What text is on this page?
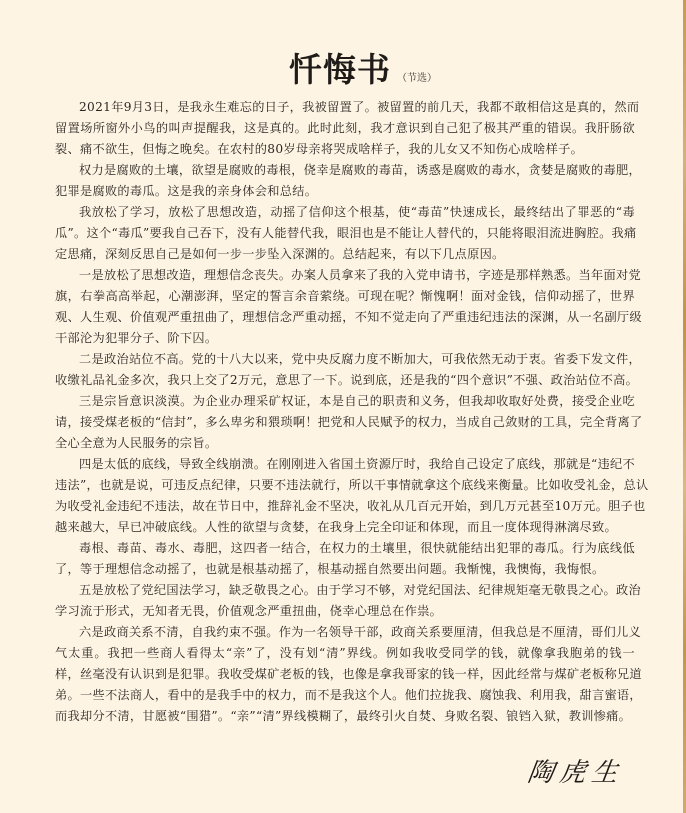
忏悔书 （节选）
2021年9月3日，是我永生难忘的日子，我被留置了。被留置的前几天，我都不敢相信这是真的，然而
留置场所窗外小鸟的叫声提醒我，这是真的。此时此刻，我才意识到自己犯了极其严重的错误。我肝肠欲
裂、痛不欲生，但悔之晚矣。在农村的80岁母亲将哭成啥样子，我的儿女又不知伤心成啥样子。
权力是腐败的土壤，欲望是腐败的毒根，侥幸是腐败的毒苗，诱惑是腐败的毒水，贪婪是腐败的毒肥，
犯罪是腐败的毒瓜。这是我的亲身体会和总结。
我放松了学习，放松了思想改造，动摇了信仰这个根基，使“毒苗”快速成长，最终结出了罪恶的“毒
瓜”。这个“毒瓜”要我自己吞下，没有人能替代我，眼泪也是不能让人替代的，只能将眼泪流进胸腔。我痛
定思痛，深刻反思自己是如何一步一步坠入深渊的。总结起来，有以下几点原因。
一是放松了思想改造，理想信念丧失。办案人员拿来了我的入党申请书，字迹是那样熟悉。当年面对党
旗，右拳高高举起，心潮澎湃，坚定的誓言余音萦绕。可现在呢？惭愧啊！面对金钱，信仰动摇了，世界
观、人生观、价值观严重扭曲了，理想信念严重动摇，不知不觉走向了严重违纪违法的深渊，从一名副厅级
干部沦为犯罪分子、阶下囚。
二是政治站位不高。党的十八大以来，党中央反腐力度不断加大，可我依然无动于衷。省委下发文件，
收缴礼品礼金多次，我只上交了2万元，意思了一下。说到底，还是我的“四个意识”不强、政治站位不高。
三是宗旨意识淡漠。为企业办理采矿权证，本是自己的职责和义务，但我却收取好处费，接受企业吃
请，接受煤老板的“信封”，多么卑劣和猥琐啊！把党和人民赋予的权力，当成自己敛财的工具，完全背离了
全心全意为人民服务的宗旨。
四是太低的底线，导致全线崩溃。在刚刚进入省国土资源厅时，我给自己设定了底线，那就是“违纪不
违法”，也就是说，可违反点纪律，只要不违法就行，所以干事情就拿这个底线来衡量。比如收受礼金，总认
为收受礼金违纪不违法，故在节日中，推辞礼金不坚决，收礼从几百元开始，到几万元甚至10万元。胆子也
越来越大，早已冲破底线。人性的欲望与贪婪，在我身上完全印证和体现，而且一度体现得淋漓尽致。
毒根、毒苗、毒水、毒肥，这四者一结合，在权力的土壤里，很快就能结出犯罪的毒瓜。行为底线低
了，等于理想信念动摇了，也就是根基动摇了，根基动摇自然要出问题。我惭愧，我懊悔，我悔恨。
五是放松了党纪国法学习，缺乏敬畏之心。由于学习不够，对党纪国法、纪律规矩毫无敬畏之心。政治
学习流于形式，无知者无畏，价值观念严重扭曲，侥幸心理总在作祟。
六是政商关系不清，自我约束不强。作为一名领导干部，政商关系要厘清，但我总是不厘清，哥们儿义
气太重。我把一些商人看得太“亲”了，没有划“清”界线。例如我收受同学的钱，就像拿我胞弟的钱一
样，丝毫没有认识到是犯罪。我收受煤矿老板的钱，也像是拿我哥家的钱一样，因此经常与煤矿老板称兄道
弟。一些不法商人，看中的是我手中的权力，而不是我这个人。他们拉拢我、腐蚀我、利用我，甜言蜜语，
而我却分不清，甘愿被“围猎”。“亲”“清”界线模糊了，最终引火自焚、身败名裂、锒铛入狱，教训惨痛。
陶虎生
